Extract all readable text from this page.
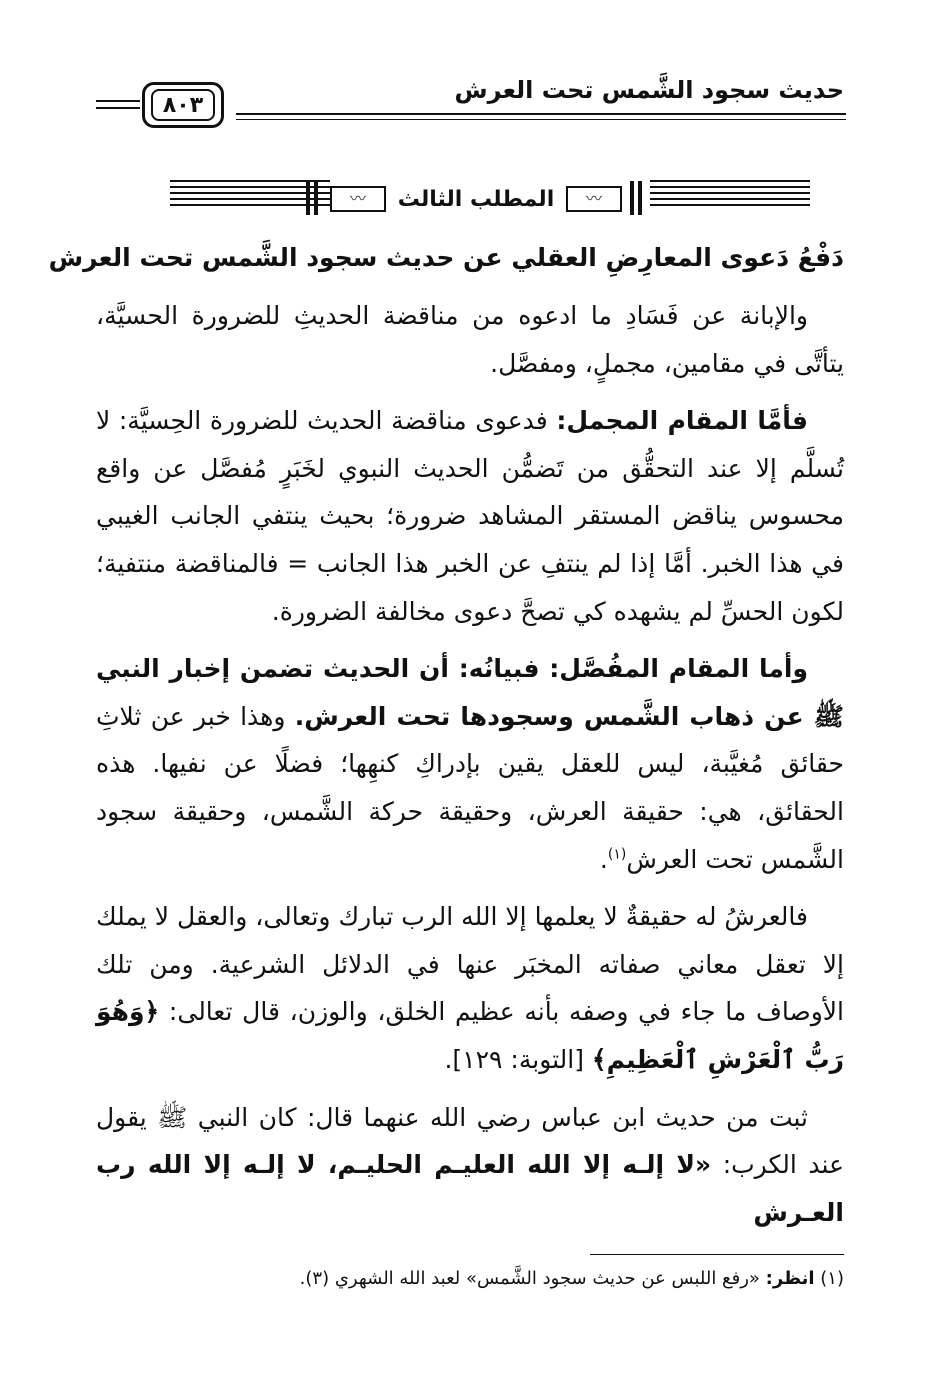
حديث سجود الشَّمس تحت العرش
٨٠٣
〰
المطلب الثالث
〰
دَفْعُ دَعوى المعارِضِ العقلي عن حديث سجود الشَّمس تحت العرش

والإبانة عن فَسَادِ ما ادعوه من مناقضة الحديثِ للضرورة الحسيَّة، يتأتَّى في مقامين، مجملٍ، ومفصَّل.

فأمَّا المقام المجمل: فدعوى مناقضة الحديث للضرورة الحِسيَّة: لا تُسلَّم إلا عند التحقُّق من تَضمُّن الحديث النبوي لخَبَرٍ مُفصَّل عن واقع محسوس يناقض المستقر المشاهد ضرورة؛ بحيث ينتفي الجانب الغيبي في هذا الخبر. أمَّا إذا لم ينتفِ عن الخبر هذا الجانب = فالمناقضة منتفية؛ لكون الحسِّ لم يشهده كي تصحَّ دعوى مخالفة الضرورة.

وأما المقام المفُصَّل: فبيانُه: أن الحديث تضمن إخبار النبي ﷺ عن ذهاب الشَّمس وسجودها تحت العرش. وهذا خبر عن ثلاثِ حقائق مُغيَّبة، ليس للعقل يقين بإدراكِ كنهِها؛ فضلًا عن نفيها. هذه الحقائق، هي: حقيقة العرش، وحقيقة حركة الشَّمس، وحقيقة سجود الشَّمس تحت العرش$^{(١)}$.

فالعرشُ له حقيقةٌ لا يعلمها إلا الله الرب تبارك وتعالى، والعقل لا يملك إلا تعقل معاني صفاته المخبَر عنها في الدلائل الشرعية. ومن تلك الأوصاف ما جاء في وصفه بأنه عظيم الخلق، والوزن، قال تعالى: ﴿وَهُوَ رَبُّ ٱلْعَرْشِ ٱلْعَظِيمِ﴾ [التوبة: ١٢٩].

ثبت من حديث ابن عباس رضي الله عنهما قال: كان النبي ﷺ يقول عند الكرب: «لا إلـه إلا الله العليـم الحليـم، لا إلـه إلا الله رب العـرش

(١) انظر: «رفع اللبس عن حديث سجود الشَّمس» لعبد الله الشهري (٣).
